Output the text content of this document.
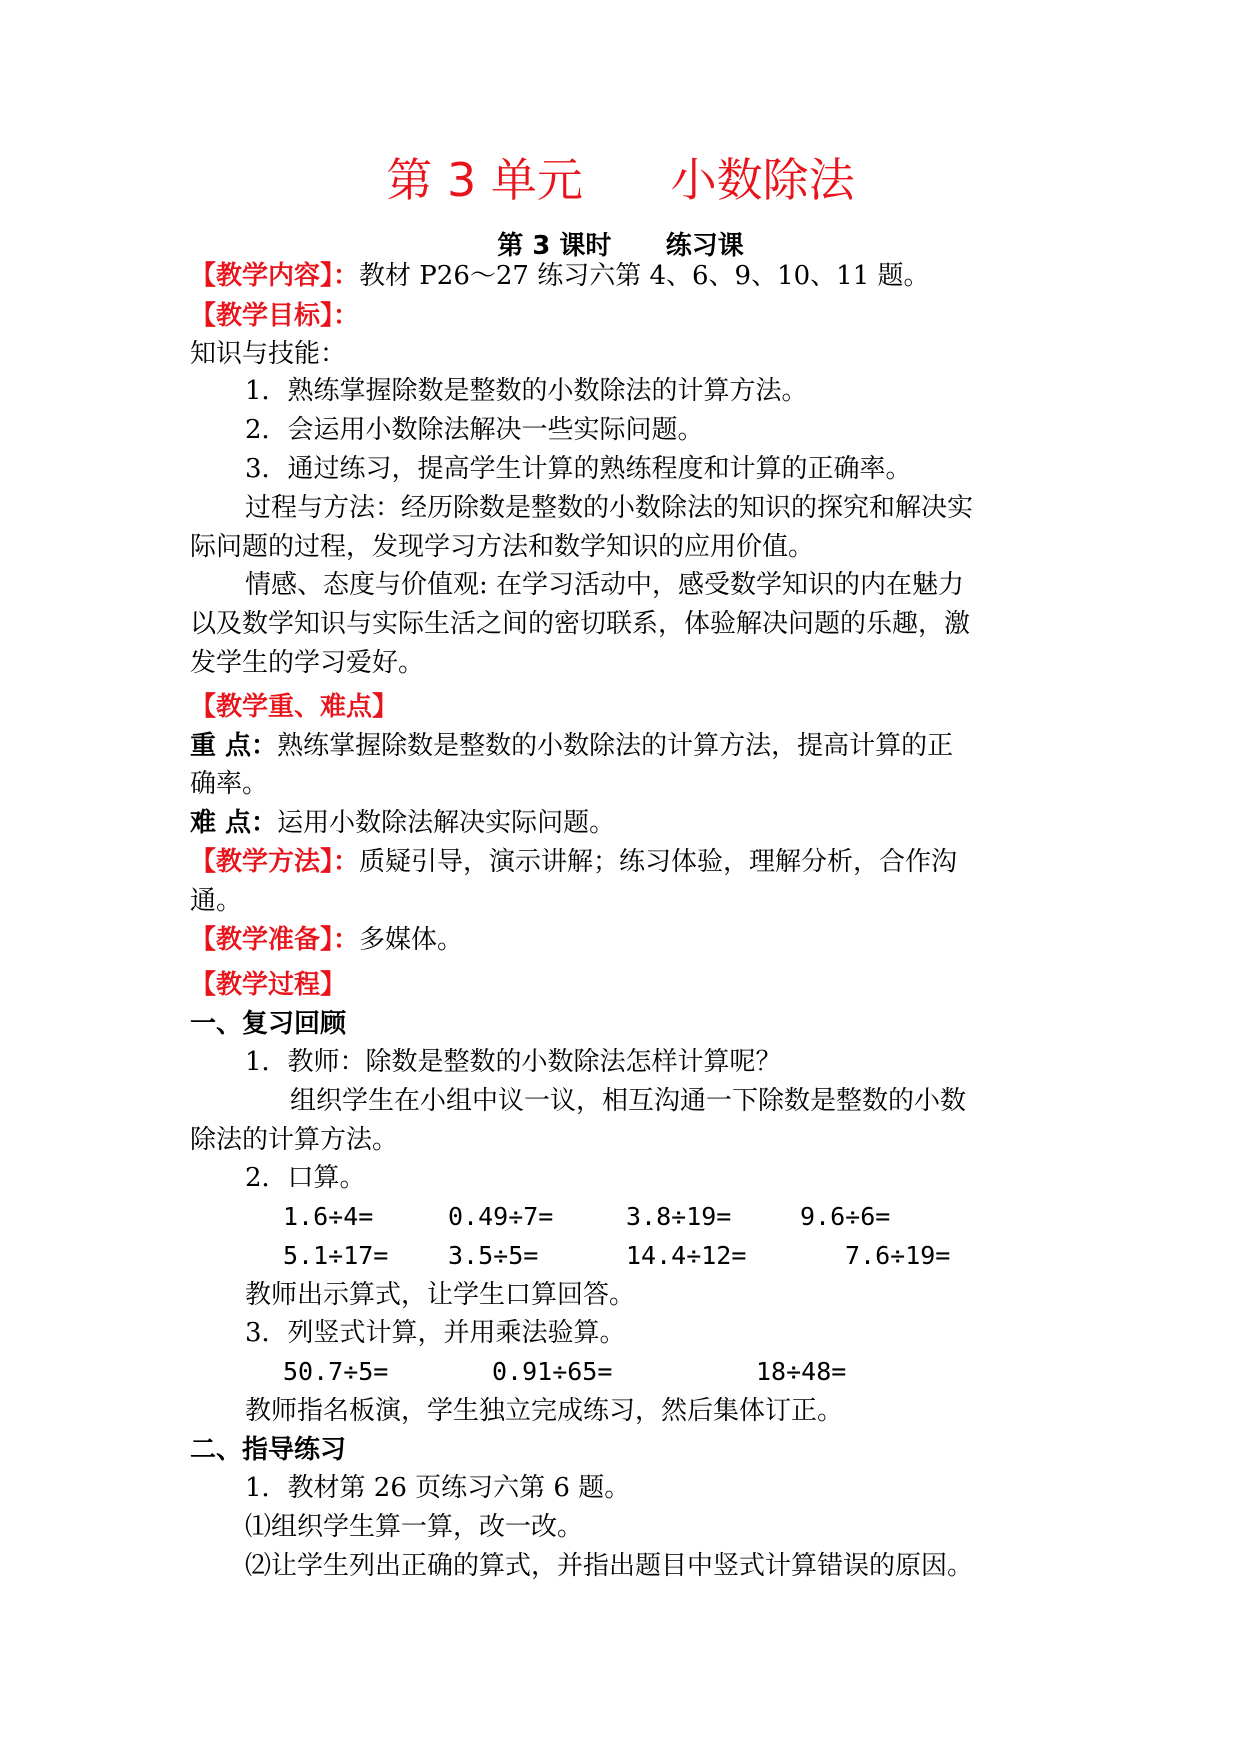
第 3 单元      小数除法
第 3 课时      练习课
【教学内容】：教材 P26～27 练习六第 4、6、9、10、11 题。
【教学目标】：
知识与技能：
1．熟练掌握除数是整数的小数除法的计算方法。
2．会运用小数除法解决一些实际问题。
3．通过练习，提高学生计算的熟练程度和计算的正确率。
过程与方法：经历除数是整数的小数除法的知识的探究和解决实
际问题的过程，发现学习方法和数学知识的应用价值。
情感、态度与价值观: 在学习活动中，感受数学知识的内在魅力
以及数学知识与实际生活之间的密切联系，体验解决问题的乐趣，激
发学生的学习爱好。
【教学重、难点】
重 点：熟练掌握除数是整数的小数除法的计算方法，提高计算的正
确率。
难 点：运用小数除法解决实际问题。
【教学方法】：质疑引导，演示讲解；练习体验，理解分析，合作沟
通。
【教学准备】：多媒体。
【教学过程】
一、复习回顾
1．教师：除数是整数的小数除法怎样计算呢？
组织学生在小组中议一议，相互沟通一下除数是整数的小数
除法的计算方法。
2．口算。
1.6÷4=	0.49÷7=	3.8÷19=	9.6÷6=
5.1÷17= 3.5÷5=	14.4÷12=	7.6÷19=
教师出示算式，让学生口算回答。
3．列竖式计算，并用乘法验算。
50.7÷5=	0.91÷65=	18÷48=
教师指名板演，学生独立完成练习，然后集体订正。
二、指导练习
1．教材第 26 页练习六第 6 题。
⑴组织学生算一算，改一改。
⑵让学生列出正确的算式，并指出题目中竖式计算错误的原因。
